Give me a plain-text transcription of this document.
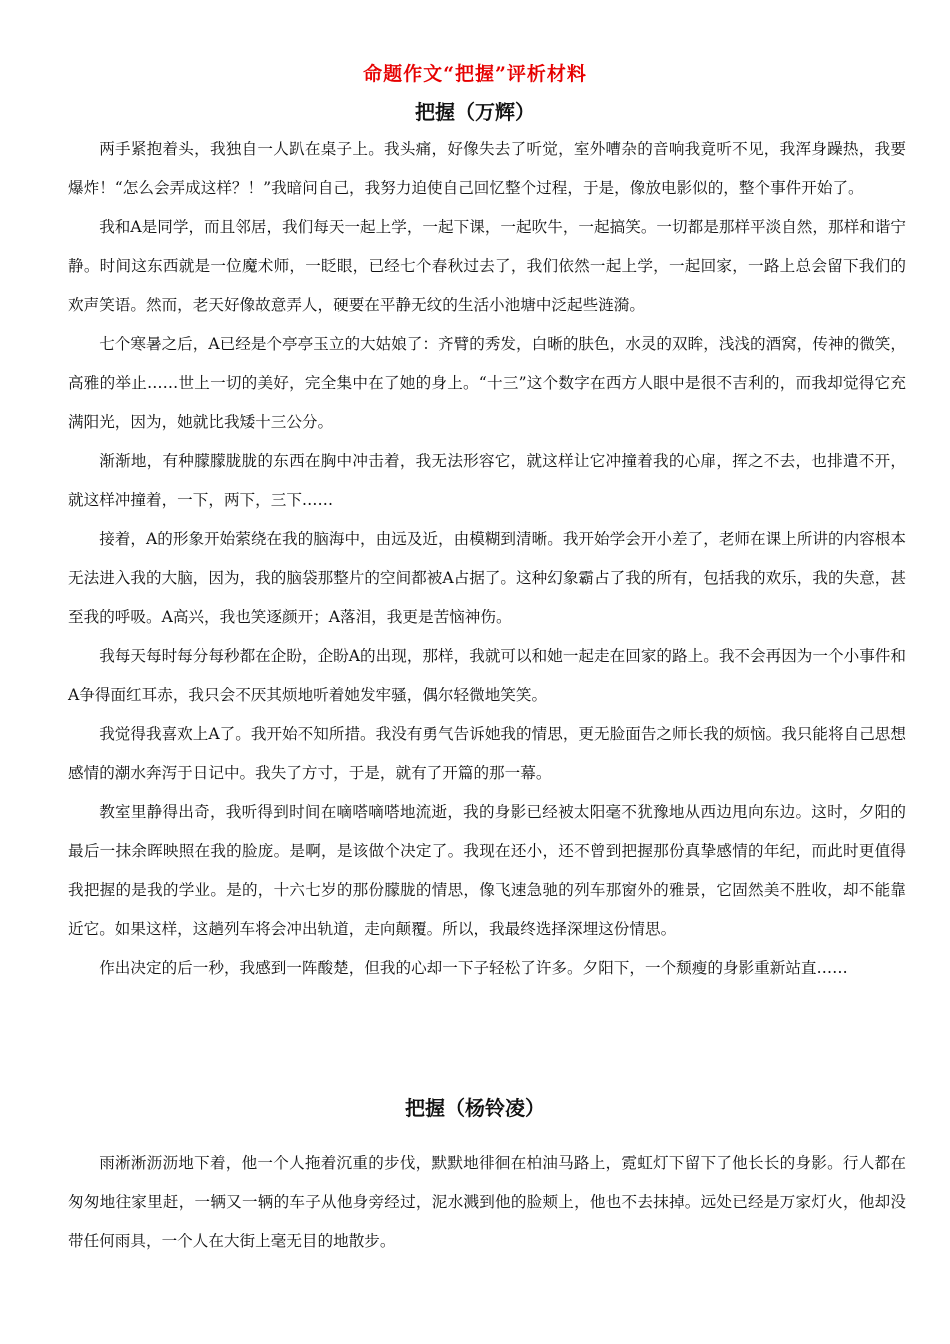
命题作文“把握”评析材料
把握（万辉）

两手紧抱着头，我独自一人趴在桌子上。我头痛，好像失去了听觉，室外嘈杂的音响我竟听不见，我浑身躁热，我要爆炸！“怎么会弄成这样？！”我暗问自己，我努力迫使自己回忆整个过程，于是，像放电影似的，整个事件开始了。

我和A是同学，而且邻居，我们每天一起上学，一起下课，一起吹牛，一起搞笑。一切都是那样平淡自然，那样和谐宁静。时间这东西就是一位魔术师，一眨眼，已经七个春秋过去了，我们依然一起上学，一起回家，一路上总会留下我们的欢声笑语。然而，老天好像故意弄人，硬要在平静无纹的生活小池塘中泛起些涟漪。

七个寒暑之后，A已经是个亭亭玉立的大姑娘了：齐臂的秀发，白晰的肤色，水灵的双眸，浅浅的酒窝，传神的微笑，高雅的举止……世上一切的美好，完全集中在了她的身上。“十三”这个数字在西方人眼中是很不吉利的，而我却觉得它充满阳光，因为，她就比我矮十三公分。

渐渐地，有种朦朦胧胧的东西在胸中冲击着，我无法形容它，就这样让它冲撞着我的心扉，挥之不去，也排遣不开，就这样冲撞着，一下，两下，三下……

接着，A的形象开始萦绕在我的脑海中，由远及近，由模糊到清晰。我开始学会开小差了，老师在课上所讲的内容根本无法进入我的大脑，因为，我的脑袋那整片的空间都被A占据了。这种幻象霸占了我的所有，包括我的欢乐，我的失意，甚至我的呼吸。A高兴，我也笑逐颜开；A落泪，我更是苦恼神伤。

我每天每时每分每秒都在企盼，企盼A的出现，那样，我就可以和她一起走在回家的路上。我不会再因为一个小事件和A争得面红耳赤，我只会不厌其烦地听着她发牢骚，偶尔轻微地笑笑。

我觉得我喜欢上A了。我开始不知所措。我没有勇气告诉她我的情思，更无脸面告之师长我的烦恼。我只能将自己思想感情的潮水奔泻于日记中。我失了方寸，于是，就有了开篇的那一幕。

教室里静得出奇，我听得到时间在嘀嗒嘀嗒地流逝，我的身影已经被太阳毫不犹豫地从西边甩向东边。这时，夕阳的最后一抹余晖映照在我的脸庞。是啊，是该做个决定了。我现在还小，还不曾到把握那份真挚感情的年纪，而此时更值得我把握的是我的学业。是的，十六七岁的那份朦胧的情思，像飞速急驰的列车那窗外的雅景，它固然美不胜收，却不能靠近它。如果这样，这趟列车将会冲出轨道，走向颠覆。所以，我最终选择深埋这份情思。

作出决定的后一秒，我感到一阵酸楚，但我的心却一下子轻松了许多。夕阳下，一个颓瘦的身影重新站直……

把握（杨铃凌）

雨淅淅沥沥地下着，他一个人拖着沉重的步伐，默默地徘徊在柏油马路上，霓虹灯下留下了他长长的身影。行人都在匆匆地往家里赶，一辆又一辆的车子从他身旁经过，泥水溅到他的脸颊上，他也不去抹掉。远处已经是万家灯火，他却没带任何雨具，一个人在大街上毫无目的地散步。
